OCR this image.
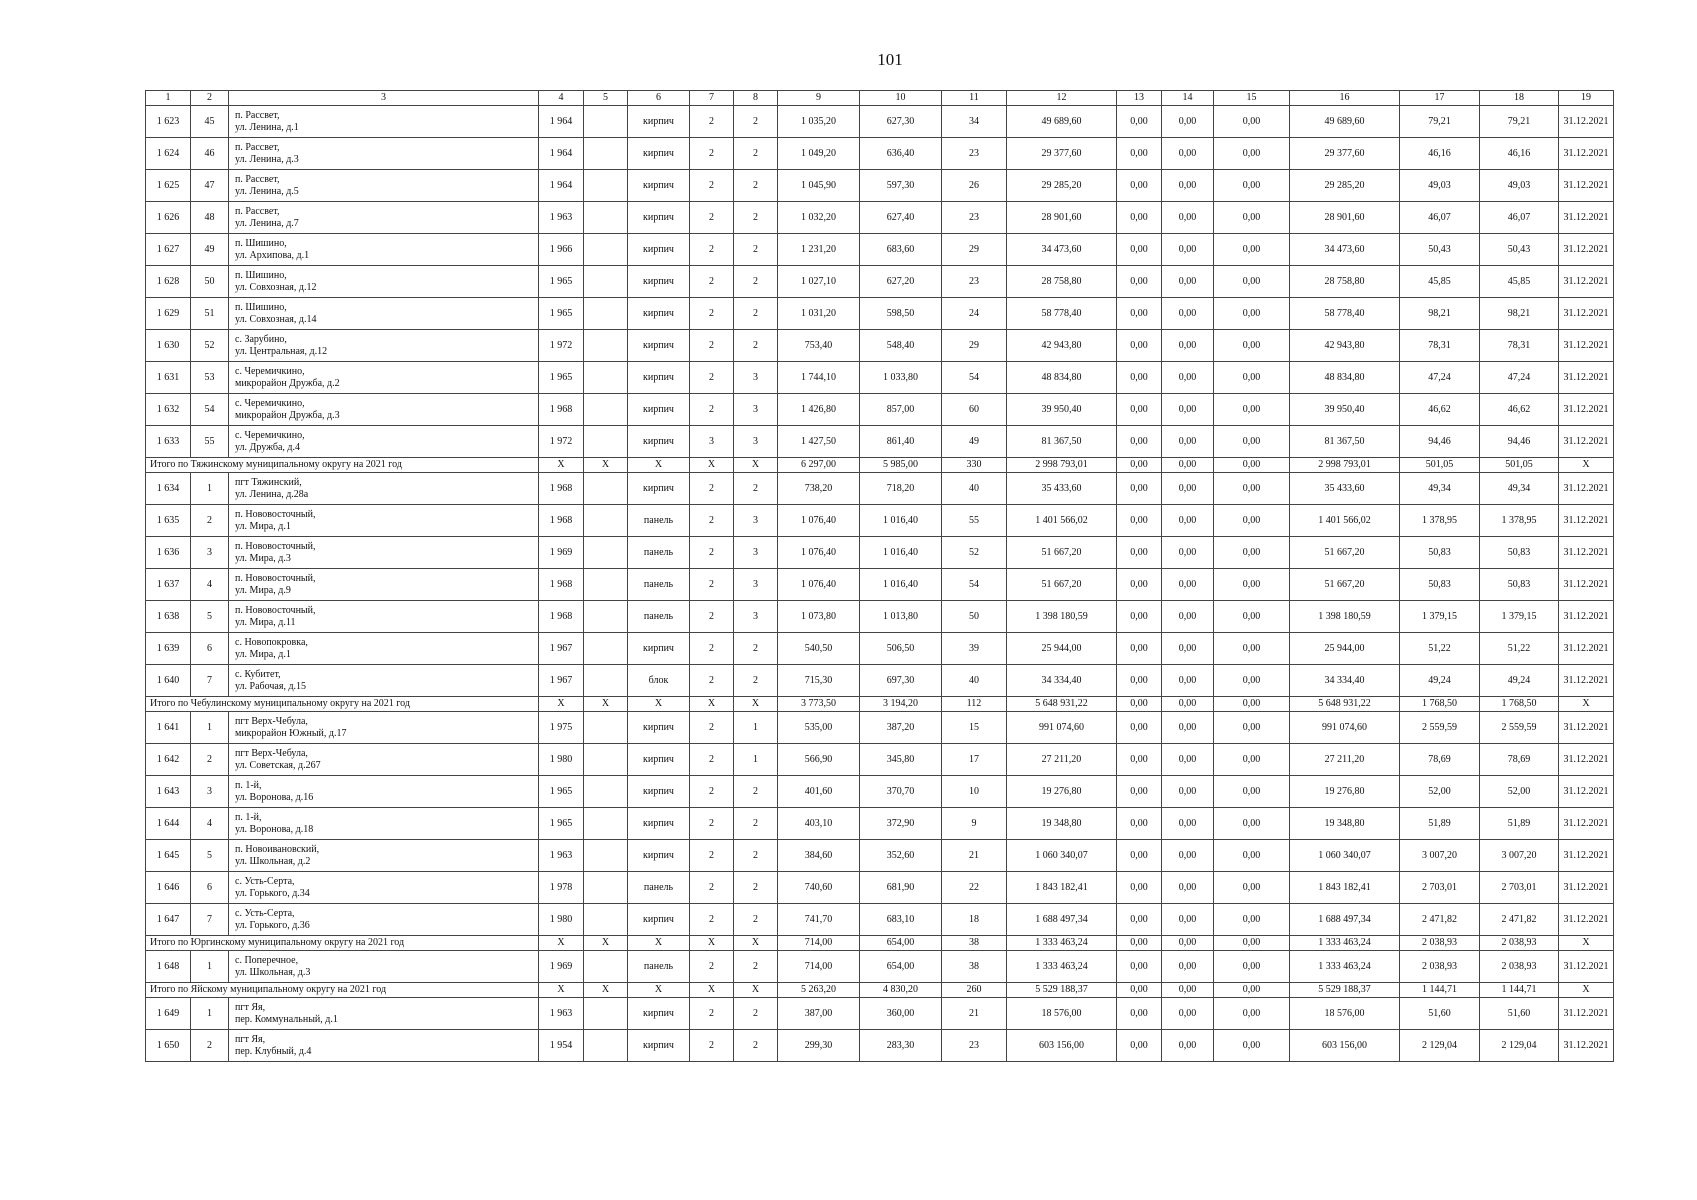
101
1	2	3	4	5	6	7	8	9	10	11	12	13	14	15	16	17	18	19
1 623	45	п. Рассвет,
ул. Ленина, д.1	1 964		кирпич	2	2	1 035,20	627,30	34	49 689,60	0,00	0,00	0,00	49 689,60	79,21	79,21	31.12.2021
1 624	46	п. Рассвет,
ул. Ленина, д.3	1 964		кирпич	2	2	1 049,20	636,40	23	29 377,60	0,00	0,00	0,00	29 377,60	46,16	46,16	31.12.2021
1 625	47	п. Рассвет,
ул. Ленина, д.5	1 964		кирпич	2	2	1 045,90	597,30	26	29 285,20	0,00	0,00	0,00	29 285,20	49,03	49,03	31.12.2021
1 626	48	п. Рассвет,
ул. Ленина, д.7	1 963		кирпич	2	2	1 032,20	627,40	23	28 901,60	0,00	0,00	0,00	28 901,60	46,07	46,07	31.12.2021
1 627	49	п. Шишино,
ул. Архипова, д.1	1 966		кирпич	2	2	1 231,20	683,60	29	34 473,60	0,00	0,00	0,00	34 473,60	50,43	50,43	31.12.2021
1 628	50	п. Шишино,
ул. Совхозная, д.12	1 965		кирпич	2	2	1 027,10	627,20	23	28 758,80	0,00	0,00	0,00	28 758,80	45,85	45,85	31.12.2021
1 629	51	п. Шишино,
ул. Совхозная, д.14	1 965		кирпич	2	2	1 031,20	598,50	24	58 778,40	0,00	0,00	0,00	58 778,40	98,21	98,21	31.12.2021
1 630	52	с. Зарубино,
ул. Центральная, д.12	1 972		кирпич	2	2	753,40	548,40	29	42 943,80	0,00	0,00	0,00	42 943,80	78,31	78,31	31.12.2021
1 631	53	с. Черемичкино,
микрорайон Дружба, д.2	1 965		кирпич	2	3	1 744,10	1 033,80	54	48 834,80	0,00	0,00	0,00	48 834,80	47,24	47,24	31.12.2021
1 632	54	с. Черемичкино,
микрорайон Дружба, д.3	1 968		кирпич	2	3	1 426,80	857,00	60	39 950,40	0,00	0,00	0,00	39 950,40	46,62	46,62	31.12.2021
1 633	55	с. Черемичкино,
ул. Дружба, д.4	1 972		кирпич	3	3	1 427,50	861,40	49	81 367,50	0,00	0,00	0,00	81 367,50	94,46	94,46	31.12.2021
Итого по Тяжинскому муниципальному округу на 2021 год			X	X	X	X	X	6 297,00	5 985,00	330	2 998 793,01	0,00	0,00	0,00	2 998 793,01	501,05	501,05	X
1 634	1	пгт Тяжинский,
ул. Ленина, д.28а	1 968		кирпич	2	2	738,20	718,20	40	35 433,60	0,00	0,00	0,00	35 433,60	49,34	49,34	31.12.2021
1 635	2	п. Нововосточный,
ул. Мира, д.1	1 968		панель	2	3	1 076,40	1 016,40	55	1 401 566,02	0,00	0,00	0,00	1 401 566,02	1 378,95	1 378,95	31.12.2021
1 636	3	п. Нововосточный,
ул. Мира, д.3	1 969		панель	2	3	1 076,40	1 016,40	52	51 667,20	0,00	0,00	0,00	51 667,20	50,83	50,83	31.12.2021
1 637	4	п. Нововосточный,
ул. Мира, д.9	1 968		панель	2	3	1 076,40	1 016,40	54	51 667,20	0,00	0,00	0,00	51 667,20	50,83	50,83	31.12.2021
1 638	5	п. Нововосточный,
ул. Мира, д.11	1 968		панель	2	3	1 073,80	1 013,80	50	1 398 180,59	0,00	0,00	0,00	1 398 180,59	1 379,15	1 379,15	31.12.2021
1 639	6	с. Новопокровка,
ул. Мира, д.1	1 967		кирпич	2	2	540,50	506,50	39	25 944,00	0,00	0,00	0,00	25 944,00	51,22	51,22	31.12.2021
1 640	7	с. Кубитет,
ул. Рабочая, д.15	1 967		блок	2	2	715,30	697,30	40	34 334,40	0,00	0,00	0,00	34 334,40	49,24	49,24	31.12.2021
Итого по Чебулинскому муниципальному округу на 2021 год			X	X	X	X	X	3 773,50	3 194,20	112	5 648 931,22	0,00	0,00	0,00	5 648 931,22	1 768,50	1 768,50	X
1 641	1	пгт Верх-Чебула,
микрорайон Южный, д.17	1 975		кирпич	2	1	535,00	387,20	15	991 074,60	0,00	0,00	0,00	991 074,60	2 559,59	2 559,59	31.12.2021
1 642	2	пгт Верх-Чебула,
ул. Советская, д.267	1 980		кирпич	2	1	566,90	345,80	17	27 211,20	0,00	0,00	0,00	27 211,20	78,69	78,69	31.12.2021
1 643	3	п. 1-й,
ул. Воронова, д.16	1 965		кирпич	2	2	401,60	370,70	10	19 276,80	0,00	0,00	0,00	19 276,80	52,00	52,00	31.12.2021
1 644	4	п. 1-й,
ул. Воронова, д.18	1 965		кирпич	2	2	403,10	372,90	9	19 348,80	0,00	0,00	0,00	19 348,80	51,89	51,89	31.12.2021
1 645	5	п. Новоивановский,
ул. Школьная, д.2	1 963		кирпич	2	2	384,60	352,60	21	1 060 340,07	0,00	0,00	0,00	1 060 340,07	3 007,20	3 007,20	31.12.2021
1 646	6	с. Усть-Серта,
ул. Горького, д.34	1 978		панель	2	2	740,60	681,90	22	1 843 182,41	0,00	0,00	0,00	1 843 182,41	2 703,01	2 703,01	31.12.2021
1 647	7	с. Усть-Серта,
ул. Горького, д.36	1 980		кирпич	2	2	741,70	683,10	18	1 688 497,34	0,00	0,00	0,00	1 688 497,34	2 471,82	2 471,82	31.12.2021
Итого по Юргинскому муниципальному округу на 2021 год			X	X	X	X	X	714,00	654,00	38	1 333 463,24	0,00	0,00	0,00	1 333 463,24	2 038,93	2 038,93	X
1 648	1	с. Поперечное,
ул. Школьная, д.3	1 969		панель	2	2	714,00	654,00	38	1 333 463,24	0,00	0,00	0,00	1 333 463,24	2 038,93	2 038,93	31.12.2021
Итого по Яйскому муниципальному округу на 2021 год			X	X	X	X	X	5 263,20	4 830,20	260	5 529 188,37	0,00	0,00	0,00	5 529 188,37	1 144,71	1 144,71	X
1 649	1	пгт Яя,
пер. Коммунальный, д.1	1 963		кирпич	2	2	387,00	360,00	21	18 576,00	0,00	0,00	0,00	18 576,00	51,60	51,60	31.12.2021
1 650	2	пгт Яя,
пер. Клубный, д.4	1 954		кирпич	2	2	299,30	283,30	23	603 156,00	0,00	0,00	0,00	603 156,00	2 129,04	2 129,04	31.12.2021
